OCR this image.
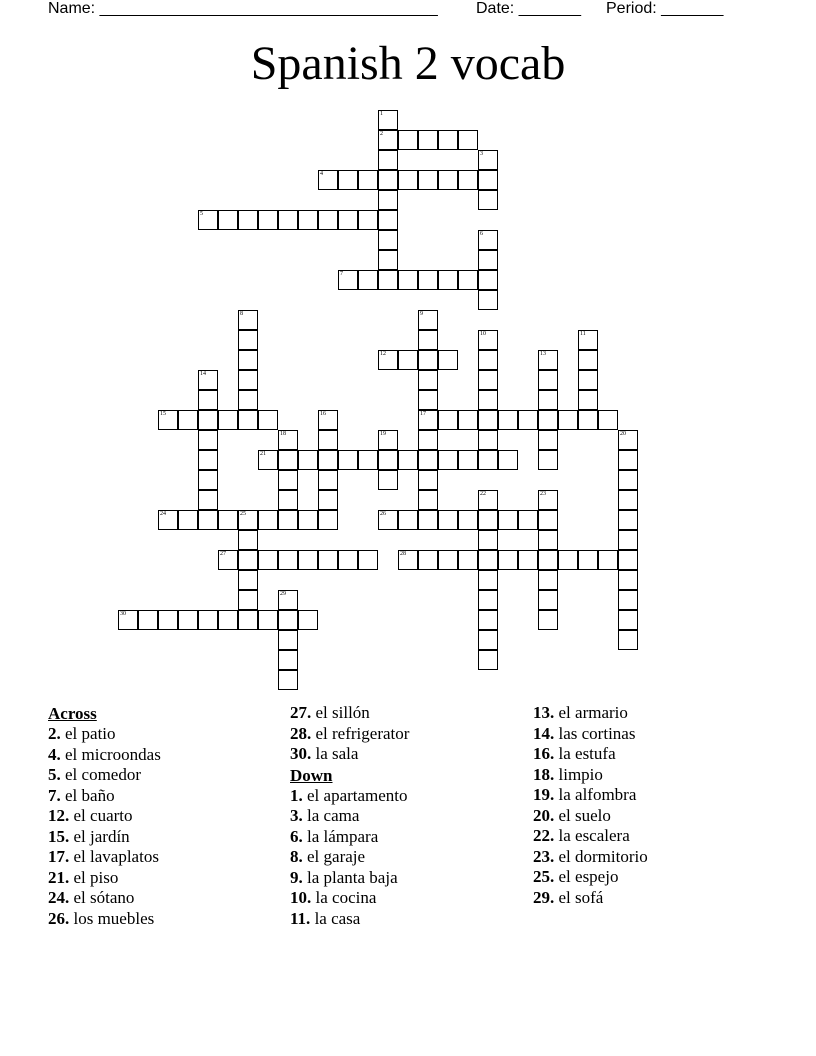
Name: ______________________________________ Date: _______ Period: _______
Spanish 2 vocab
2
4
5
7
12
15	17
21
24	25	26
27	28
30
1
3
6
8	9
10	11
13
14
16
18	19	20
22	23
29
Across
2. el patio
4. el microondas
5. el comedor
7. el baño
12. el cuarto
15. el jardín
17. el lavaplatos
21. el piso
24. el sótano
26. los muebles
27. el sillón
28. el refrigerator
30. la sala
Down
1. el apartamento
3. la cama
6. la lámpara
8. el garaje
9. la planta baja
10. la cocina
11. la casa
13. el armario
14. las cortinas
16. la estufa
18. limpio
19. la alfombra
20. el suelo
22. la escalera
23. el dormitorio
25. el espejo
29. el sofá
